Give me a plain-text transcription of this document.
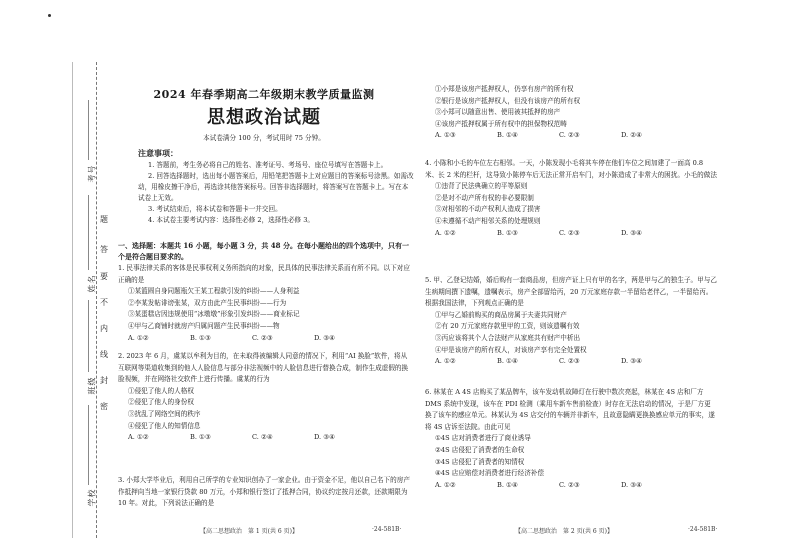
考号
姓名
班级
学校
题
答
要
不
内
线
封
密
2024 年春季期高二年级期末教学质量监测
思想政治试题
本试卷满分 100 分，考试用时 75 分钟。
注意事项：

1. 答题前，考生务必将自己的姓名、准考证号、考场号、座位号填写在答题卡上。

2. 回答选择题时，选出每小题答案后，用铅笔把答题卡上对应题目的答案标号涂黑。如需改动，用橡皮擦干净后，再选涂其他答案标号。回答非选择题时，将答案写在答题卡上。写在本试卷上无效。

3. 考试结束后，将本试卷和答题卡一并交回。

4. 本试卷主要考试内容：选择性必修 2，选择性必修 3。

一、选择题：本题共 16 小题，每小题 3 分，共 48 分。在每小题给出的四个选项中，只有一个是符合题目要求的。

1. 民事法律关系的客体是民事权利义务所指向的对象，民具体的民事法律关系而有所不同。以下对应正确的是

①某篮圆自身同题瓶欠王某工程款引发的纠纷——人身利益

②李某发帖诽谤张某，双方由此产生民事纠纷——行为

③某蛋糕店因违规使用“冰墩墩”形象引发纠纷——商业标记

④甲与乙商铺时就房产归属问题产生民事纠纷——物

A. ①②	B. ①③	C. ②③	D. ③④

2. 2023 年 6 月，虞某以牟利为目的，在未取得被编辑人同意的情况下，利用“AI 换脸”软件，将从互联网等渠道收集到的他人人脸信息与部分非法视频中的人脸信息进行替换合成，制作生成虚假的换脸视频，并在网络社交软件上进行传播。虞某的行为

①侵犯了他人的人格权

②侵犯了他人的身份权

③扰乱了网络空间的秩序

④侵犯了他人的知情信息

A. ①②	B. ①③	C. ②④	D. ③④

3. 小郑大学毕业后，利用自己所学的专业知识创办了一家企业。由于资金不足，他以自己名下的房产作抵押向当地一家银行贷款 80 万元，小郑和银行签订了抵押合同，协议约定按月还款，还款期限为 10 年。对此，下列说法正确的是

【高二思想政治　第 1 页(共 6 页)】	·24-581B·

①小郑是该房产抵押权人，仍享有房产的所有权

②银行是该房产抵押权人，但没有该房产的所有权

③小郑可以随意出售、使用被其抵押的房产

④该房产抵押权属于所有权中的担保物权范畴

A. ①③	B. ①④	C. ②③	D. ②④

4. 小陈和小毛的车位左右相邻。一天，小陈发现小毛将其车停在他们车位之间加建了一面高 0.8 米、长 2 米的栏杆，这导致小陈停车后无法正常开启车门，对小陈造成了非常大的困扰。小毛的做法

①违背了民法典确立的平等原则

②是对不动产所有权的非必要限制

③对相邻的不动产权利人造成了损害

④未遵循不动产相邻关系的处理规则

A. ①②	B. ①③	C. ②③	D. ③④

5. 甲、乙登记结婚，婚后购有一套商品房，但房产证上只有甲的名字，两是甲与乙的独生子。甲与乙生病期间撰下遗嘱，遗嘱表示，房产全部留给丙，20 万元家庭存款一半留给老伴乙，一半留给丙。根据我国法律，下列观点正确的是

①甲与乙婚前购买的商品房属于夫妻共同财产

②有 20 万元家庭存款里甲的工资，则该遗嘱有效

③丙应该将其个人合法财产从家庭共有财产中析出

④甲是该房产的所有权人，对该房产享有完全处置权

A. ①②	B. ①④	C. ②③	D. ③④

6. 林某在 A 4S 店购买了某品牌车，该车发动机故障灯在行驶中数次亮起，林某在 4S 店和厂方 DMS 系统中发现，该车在 PDI 检测（乘用车新车售前检查）时存在无法启动的情况，于是厂方更换了该车的感应单元。林某认为 4S 店交付的车辆并非新车，且故意隐瞒更换换感应单元的事实，遂将 4S 店诉至法院。由此可见

①4S 店对消费者进行了商业诱导

②4S 店侵犯了消费者的生命权

③4S 店侵犯了消费者的知情权

④4S 店应赔偿对消费者进行经济补偿

A. ①②	B. ①④	C. ②③	D. ③④

【高二思想政治　第 2 页(共 6 页)】	·24-581B·
